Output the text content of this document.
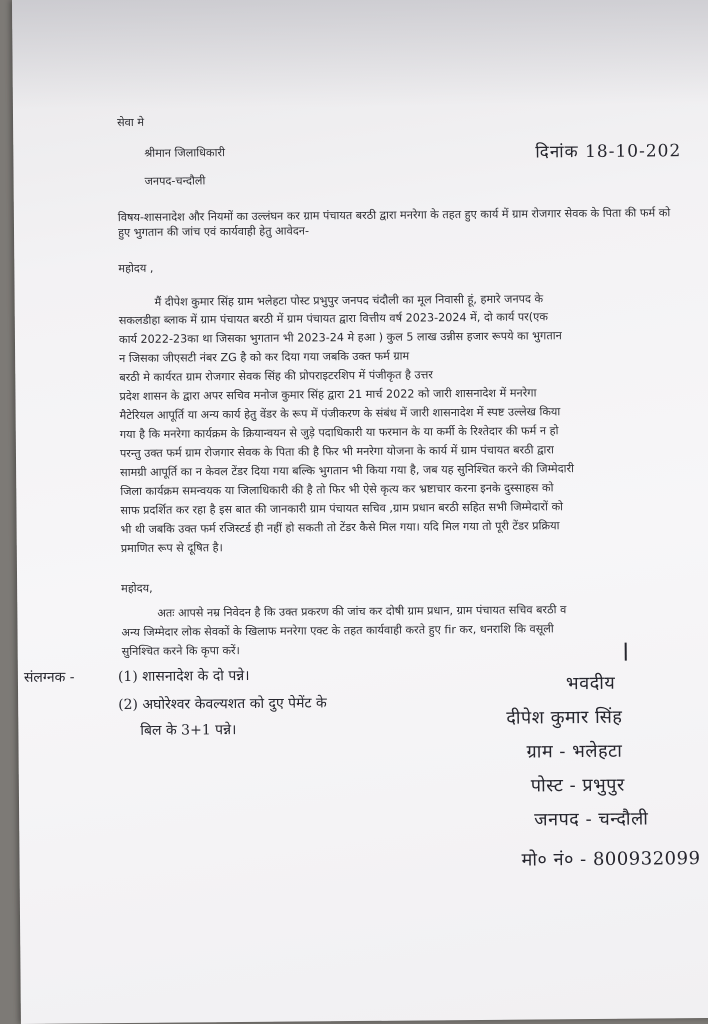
सेवा मे
श्रीमान जिलाधिकारी	दिनांक 18-10-202
जनपद-चन्दौली
विषय-शासनादेश और नियमों का उल्लंघन कर ग्राम पंचायत बरठी द्वारा मनरेगा के तहत हुए कार्य में ग्राम रोजगार सेवक के पिता की फर्म को हुए भुगतान की जांच एवं कार्यवाही हेतु आवेदन-
महोदय ,
मैं दीपेश कुमार सिंह ग्राम भलेहटा पोस्ट प्रभुपुर जनपद चंदौली का मूल निवासी हूं, हमारे जनपद के
सकलडीहा ब्लाक में ग्राम पंचायत बरठी में ग्राम पंचायत द्वारा वित्तीय वर्ष 2023-2024 में, दो कार्य पर(एक
कार्य 2022-23का था जिसका भुगतान भी 2023-24 मे हआ ) कुल 5 लाख उन्नीस हजार रूपये का भुगतान
न जिसका जीएसटी नंबर ZG है को कर दिया गया जबकि उक्त फर्म ग्राम
बरठी मे कार्यरत ग्राम रोजगार सेवक सिंह की प्रोपराइटरशिप में पंजीकृत है उत्तर
प्रदेश शासन के द्वारा अपर सचिव मनोज कुमार सिंह द्वारा 21 मार्च 2022 को जारी शासनादेश में मनरेगा
मैटेरियल आपूर्ति या अन्य कार्य हेतु वेंडर के रूप में पंजीकरण के संबंध में जारी शासनादेश में स्पष्ट उल्लेख किया
गया है कि मनरेगा कार्यक्रम के क्रियान्वयन से जुड़े पदाधिकारी या फरमान के या कर्मी के रिश्तेदार की फर्म न हो
परन्तु उक्त फर्म ग्राम रोजगार सेवक के पिता की है फिर भी मनरेगा योजना के कार्य में ग्राम पंचायत बरठी द्वारा
सामग्री आपूर्ति का न केवल टेंडर दिया गया बल्कि भुगतान भी किया गया है, जब यह सुनिश्चित करने की जिम्मेदारी
जिला कार्यक्रम समन्वयक या जिलाधिकारी की है तो फिर भी ऐसे कृत्य कर भ्रष्टाचार करना इनके दुस्साहस को
साफ प्रदर्शित कर रहा है इस बात की जानकारी ग्राम पंचायत सचिव ,ग्राम प्रधान बरठी सहित सभी जिम्मेदारों को
भी थी जबकि उक्त फर्म रजिस्टर्ड ही नहीं हो सकती तो टेंडर कैसे मिल गया। यदि मिल गया तो पूरी टेंडर प्रक्रिया
प्रमाणित रूप से दूषित है।
महोदय,
अतः आपसे नम्र निवेदन है कि उक्त प्रकरण की जांच कर दोषी ग्राम प्रधान, ग्राम पंचायत सचिव बरठी व
अन्य जिम्मेदार लोक सेवकों के खिलाफ मनरेगा एक्ट के तहत कार्यवाही करते हुए fir कर, धनराशि कि वसूली
सुनिश्चित करने कि कृपा करें।
संलग्नक -	(1) शासनादेश के दो पन्ने।
(2) अघोरेश्वर केवल्यशत को दुए पेमेंट के
बिल के 3+1 पन्ने।
भवदीय
दीपेश कुमार सिंह
ग्राम - भलेहटा
पोस्ट - प्रभुपुर
जनपद - चन्दौली
मो० नं० - 800932099
